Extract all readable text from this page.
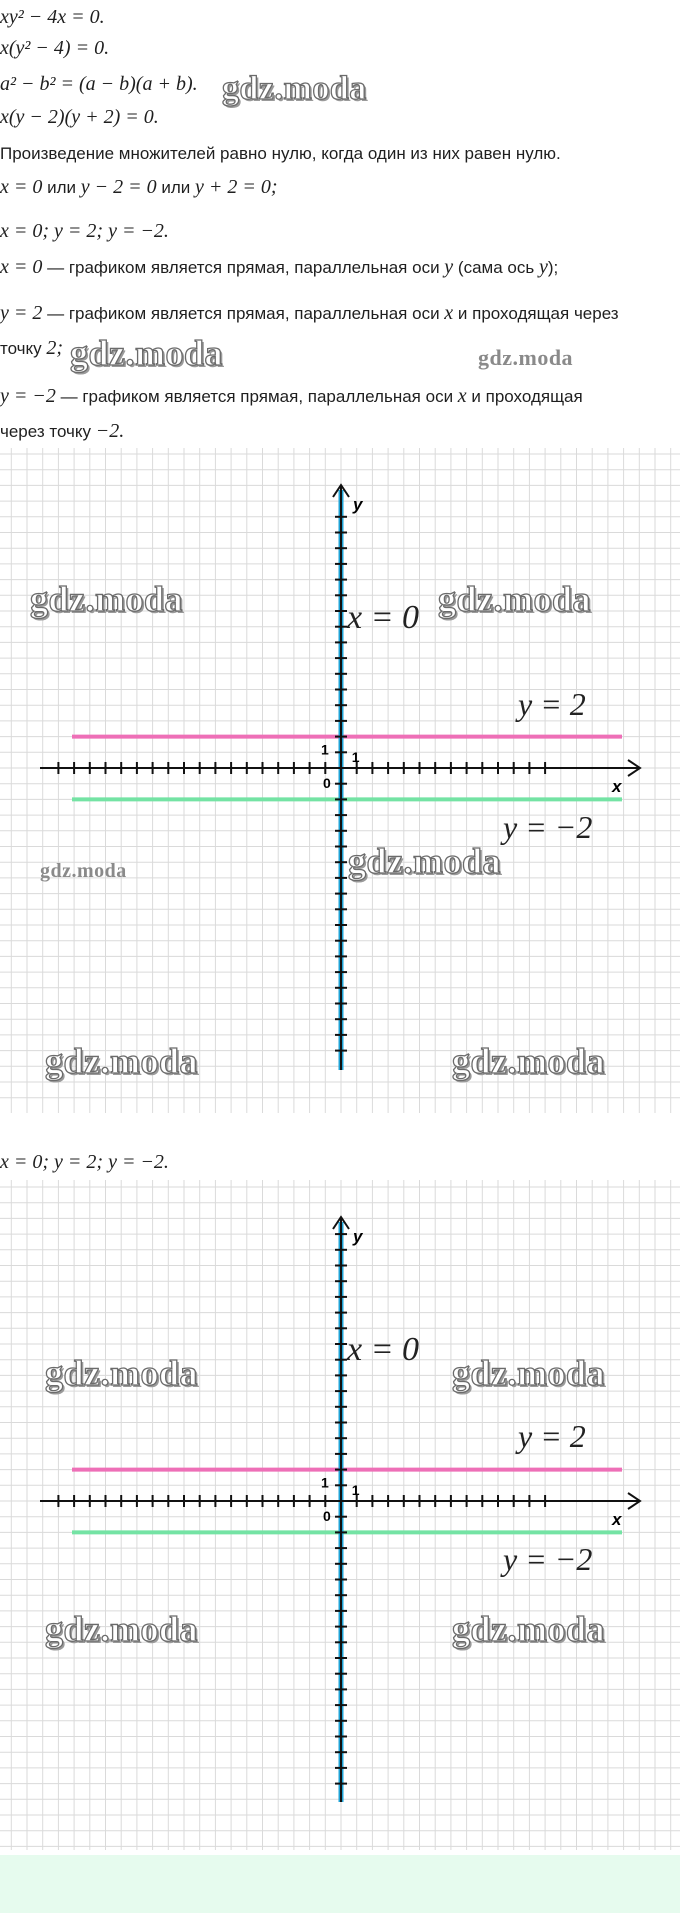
xy² − 4x = 0.
x(y² − 4) = 0.
a² − b² = (a − b)(a + b).
x(y − 2)(y + 2) = 0.
gdz.moda
Произведение множителей равно нулю, когда один из них равен нулю.
x = 0 или y − 2 = 0 или y + 2 = 0;
x = 0; y = 2; y = −2.
x = 0 — графиком является прямая, параллельная оси y (сама ось y);
y = 2 — графиком является прямая, параллельная оси x и проходящая через
точку 2; gdz.moda	gdz.moda
y = −2 — графиком является прямая, параллельная оси x и проходящая
через точку −2.
x
y
0
1
1
x = 0
y = 2
y = −2
gdz.moda	gdz.moda
gdz.moda
gdz.moda
gdz.moda	gdz.moda
x = 0; y = 2; y = −2.
x
y
0
1
1
x = 0
y = 2
y = −2
gdz.moda	gdz.moda
gdz.moda	gdz.moda
